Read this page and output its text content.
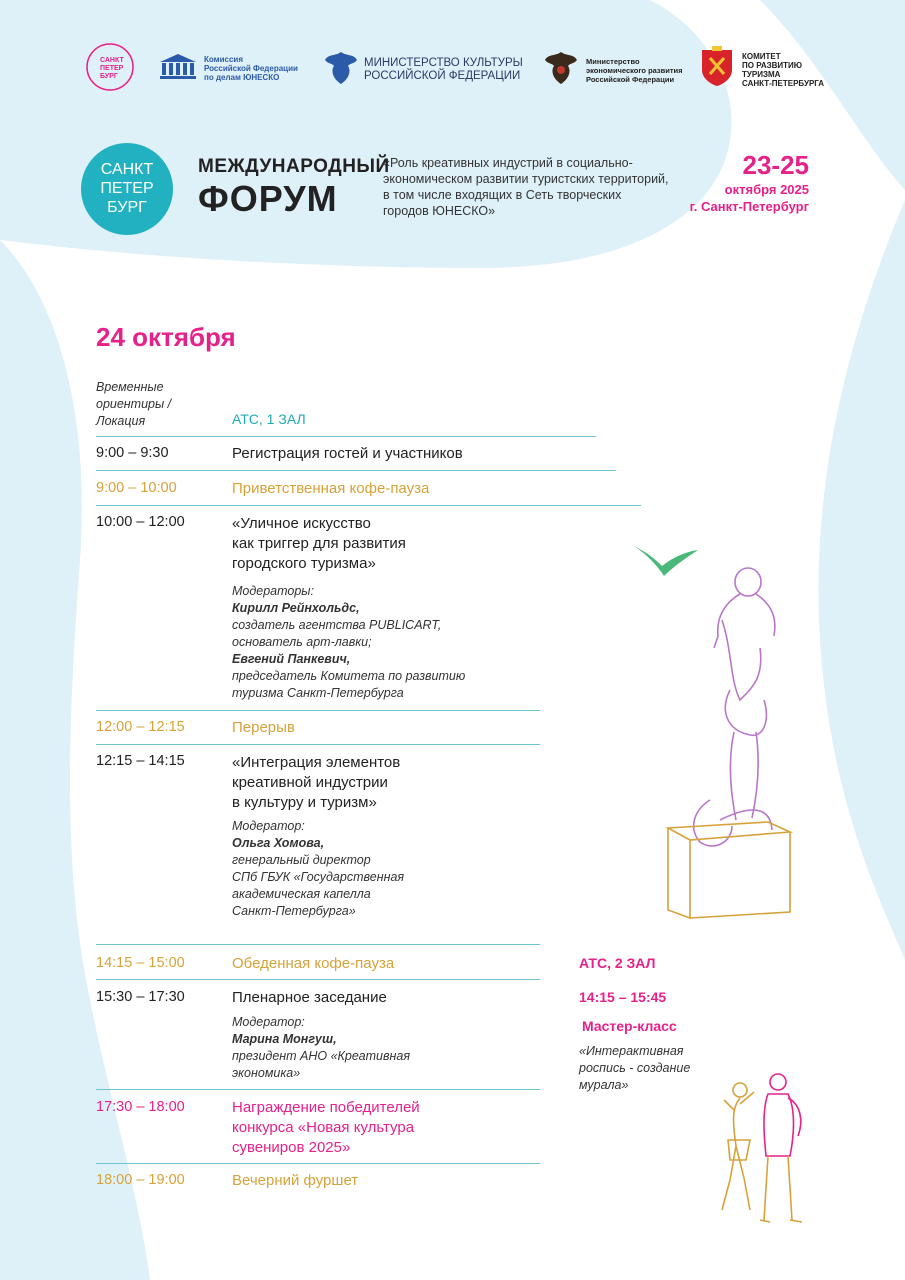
САНКТ
ПЕТЕР
БУРГ
Комиссия
Российской Федерации
по делам ЮНЕСКО
МИНИСТЕРСТВО КУЛЬТУРЫ
РОССИЙСКОЙ ФЕДЕРАЦИИ
Министерство
экономического развития
Российской Федерации
КОМИТЕТ
ПО РАЗВИТИЮ
ТУРИЗМА
САНКТ-ПЕТЕРБУРГА
САНКТ
ПЕТЕР
БУРГ
МЕЖДУНАРОДНЫЙ
ФОРУМ
«Роль креативных индустрий в социально-
экономическом развитии туристских территорий,
в том числе входящих в Сеть творческих
городов ЮНЕСКО»
23-25
октября 2025
г. Санкт-Петербург
24 октября
Временные
ориентиры /
Локация	АТС, 1 ЗАЛ
9:00 – 9:30	Регистрация гостей и участников
9:00 – 10:00	Приветственная кофе-пауза
10:00 – 12:00	«Уличное искусство
как триггер для развития
городского туризма»
Модераторы:
Кирилл Рейнхольдс,
создатель агентства PUBLICART,
основатель арт-лавки;
Евгений Панкевич,
председатель Комитета по развитию
туризма Санкт-Петербурга
12:00 – 12:15	Перерыв
12:15 – 14:15	«Интеграция элементов
креативной индустрии
в культуру и туризм»
Модератор:
Ольга Хомова,
генеральный директор
СПб ГБУК «Государственная
академическая капелла
Санкт-Петербурга»
14:15 – 15:00	Обеденная кофе-пауза
15:30 – 17:30	Пленарное заседание
Модератор:
Марина Монгуш,
президент АНО «Креативная
экономика»
17:30 – 18:00	Награждение победителей
конкурса «Новая культура
сувениров 2025»
18:00 – 19:00	Вечерний фуршет
АТС, 2 ЗАЛ
14:15 – 15:45
Мастер-класс
«Интерактивная
роспись - создание
мурала»
